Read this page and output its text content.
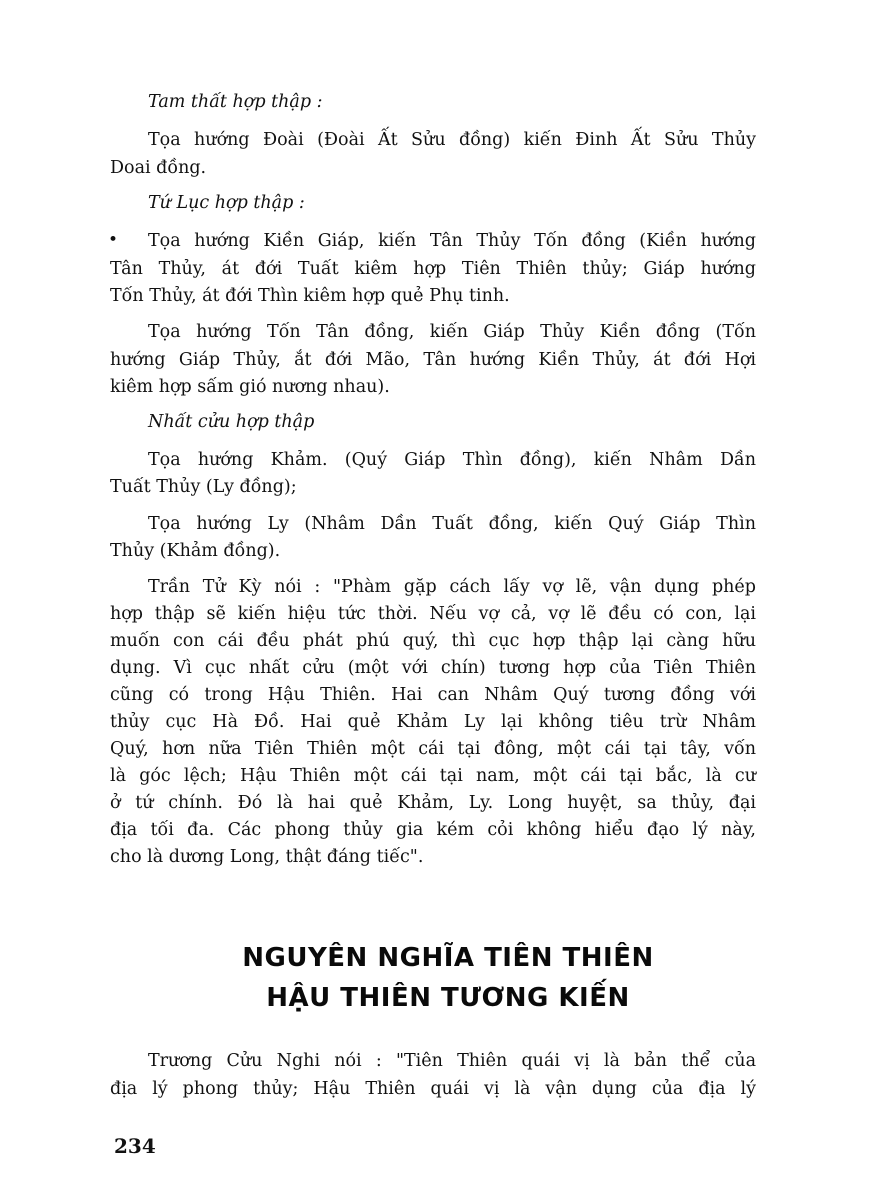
Tam thất hợp thập :
Tọa hướng Đoài (Đoài Ất Sửu đồng) kiến Đinh Ất Sửu Thủy
Doai đồng.
Tứ Lục hợp thập :
• Tọa hướng Kiền Giáp, kiến Tân Thủy Tốn đồng (Kiền hướng
Tân Thủy, át đới Tuất kiêm hợp Tiên Thiên thủy; Giáp hướng
Tốn Thủy, át đới Thìn kiêm hợp quẻ Phụ tinh.
Tọa hướng Tốn Tân đồng, kiến Giáp Thủy Kiền đồng (Tốn
hướng Giáp Thủy, ắt đới Mão, Tân hướng Kiền Thủy, át đới Hợi
kiêm hợp sấm gió nương nhau).
Nhất cửu hợp thập
Tọa hướng Khảm. (Quý Giáp Thìn đồng), kiến Nhâm Dần
Tuất Thủy (Ly đồng);
Tọa hướng Ly (Nhâm Dần Tuất đồng, kiến Quý Giáp Thìn
Thủy (Khảm đồng).
Trần Tử Kỳ nói : "Phàm gặp cách lấy vợ lẽ, vận dụng phép
hợp thập sẽ kiến hiệu tức thời. Nếu vợ cả, vợ lẽ đều có con, lại
muốn con cái đều phát phú quý, thì cục hợp thập lại càng hữu
dụng. Vì cục nhất cửu (một với chín) tương hợp của Tiên Thiên
cũng có trong Hậu Thiên. Hai can Nhâm Quý tương đồng với
thủy cục Hà Đồ. Hai quẻ Khảm Ly lại không tiêu trừ Nhâm
Quý, hơn nữa Tiên Thiên một cái tại đông, một cái tại tây, vốn
là góc lệch; Hậu Thiên một cái tại nam, một cái tại bắc, là cư
ở tứ chính. Đó là hai quẻ Khảm, Ly. Long huyệt, sa thủy, đại
địa tối đa. Các phong thủy gia kém cỏi không hiểu đạo lý này,
cho là dương Long, thật đáng tiếc".
Trương Cửu Nghi nói : "Tiên Thiên quái vị là bản thể của
địa lý phong thủy; Hậu Thiên quái vị là vận dụng của địa lý
NGUYÊN NGHĨA TIÊN THIÊN
HẬU THIÊN TƯƠNG KIẾN
234
